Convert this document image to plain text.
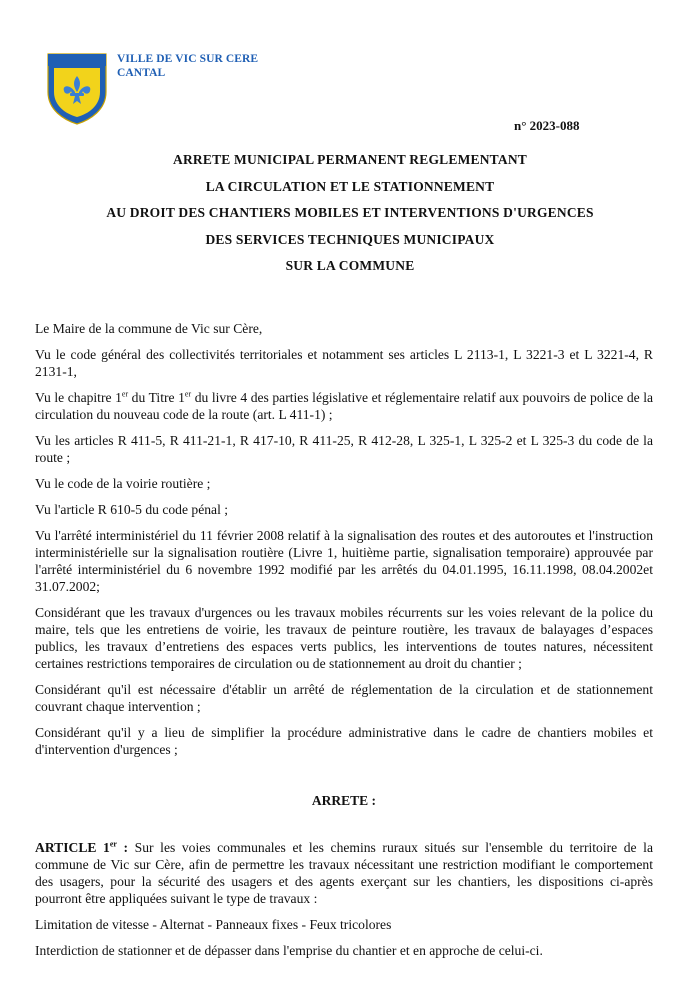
VILLE DE VIC SUR CERE
CANTAL
n° 2023-088
ARRETE MUNICIPAL PERMANENT REGLEMENTANT
LA CIRCULATION ET LE STATIONNEMENT
AU DROIT DES CHANTIERS MOBILES ET INTERVENTIONS D'URGENCES
DES SERVICES TECHNIQUES MUNICIPAUX
SUR LA COMMUNE

Le Maire de la commune de Vic sur Cère,

Vu le code général des collectivités territoriales et notamment ses articles L 2113-1, L 3221-3 et L 3221-4, R 2131-1,

Vu le chapitre 1er du Titre 1er du livre 4 des parties législative et réglementaire relatif aux pouvoirs de police de la circulation du nouveau code de la route (art. L 411-1) ;

Vu les articles R 411-5, R 411-21-1, R 417-10, R 411-25, R 412-28, L 325-1, L 325-2 et L 325-3 du code de la route ;

Vu le code de la voirie routière ;

Vu l'article R 610-5 du code pénal ;

Vu l'arrêté interministériel du 11 février 2008 relatif à la signalisation des routes et des autoroutes et l'instruction interministérielle sur la signalisation routière (Livre 1, huitième partie, signalisation temporaire) approuvée par l'arrêté interministériel du 6 novembre 1992 modifié par les arrêtés du 04.01.1995, 16.11.1998, 08.04.2002et 31.07.2002;

Considérant que les travaux d'urgences ou les travaux mobiles récurrents sur les voies relevant de la police du maire, tels que les entretiens de voirie, les travaux de peinture routière, les travaux de balayages d’espaces publics, les travaux d’entretiens des espaces verts publics, les interventions de toutes natures, nécessitent certaines restrictions temporaires de circulation ou de stationnement au droit du chantier ;

Considérant qu'il est nécessaire d'établir un arrêté de réglementation de la circulation et de stationnement couvrant chaque intervention ;

Considérant qu'il y a lieu de simplifier la procédure administrative dans le cadre de chantiers mobiles et d'intervention d'urgences ;

ARRETE :

ARTICLE 1er : Sur les voies communales et les chemins ruraux situés sur l'ensemble du territoire de la commune de Vic sur Cère, afin de permettre les travaux nécessitant une restriction modifiant le comportement des usagers, pour la sécurité des usagers et des agents exerçant sur les chantiers, les dispositions ci-après pourront être appliquées suivant le type de travaux :

Limitation de vitesse - Alternat - Panneaux fixes - Feux tricolores

Interdiction de stationner et de dépasser dans l'emprise du chantier et en approche de celui-ci.
